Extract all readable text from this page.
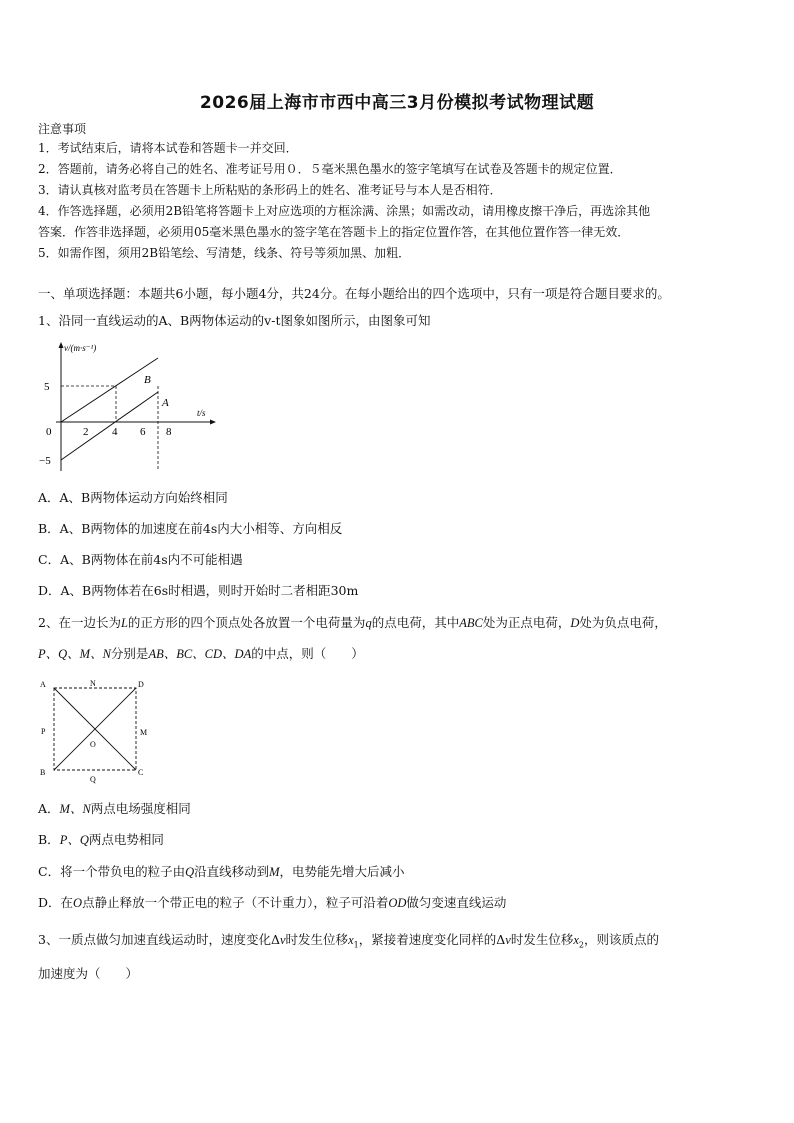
2026届上海市市西中高三3月份模拟考试物理试题
注意事项
1．考试结束后，请将本试卷和答题卡一并交回．
2．答题前，请务必将自己的姓名、准考证号用０．５毫米黑色墨水的签字笔填写在试卷及答题卡的规定位置．
3．请认真核对监考员在答题卡上所粘贴的条形码上的姓名、准考证号与本人是否相符．
4．作答选择题，必须用2B铅笔将答题卡上对应选项的方框涂满、涂黑；如需改动，请用橡皮擦干净后，再选涂其他
答案．作答非选择题，必须用05毫米黑色墨水的签字笔在答题卡上的指定位置作答，在其他位置作答一律无效．
5．如需作图，须用2B铅笔绘、写清楚，线条、符号等须加黑、加粗．
一、单项选择题：本题共6小题，每小题4分，共24分。在每小题给出的四个选项中，只有一项是符合题目要求的。
1、沿同一直线运动的A、B两物体运动的v-t图象如图所示，由图象可知
v/(m·s⁻¹)
t/s
5
0
−5
2 4 6 8
B
A
A．A、B两物体运动方向始终相同
B．A、B两物体的加速度在前4s内大小相等、方向相反
C．A、B两物体在前4s内不可能相遇
D．A、B两物体若在6s时相遇，则时开始时二者相距30m
2、在一边长为L的正方形的四个顶点处各放置一个电荷量为q的点电荷，其中ABC处为正点电荷，D处为负点电荷，
P、Q、M、N分别是AB、BC、CD、DA的中点，则（　　）
A	N	D
P
O
M
B
Q
C
A．M、N两点电场强度相同
B．P、Q两点电势相同
C．将一个带负电的粒子由Q沿直线移动到M，电势能先增大后减小
D．在O点静止释放一个带正电的粒子（不计重力），粒子可沿着OD做匀变速直线运动
3、一质点做匀加速直线运动时，速度变化Δv时发生位移$x_1$，紧接着速度变化同样的Δv时发生位移$x_2$，则该质点的
加速度为（　　）
